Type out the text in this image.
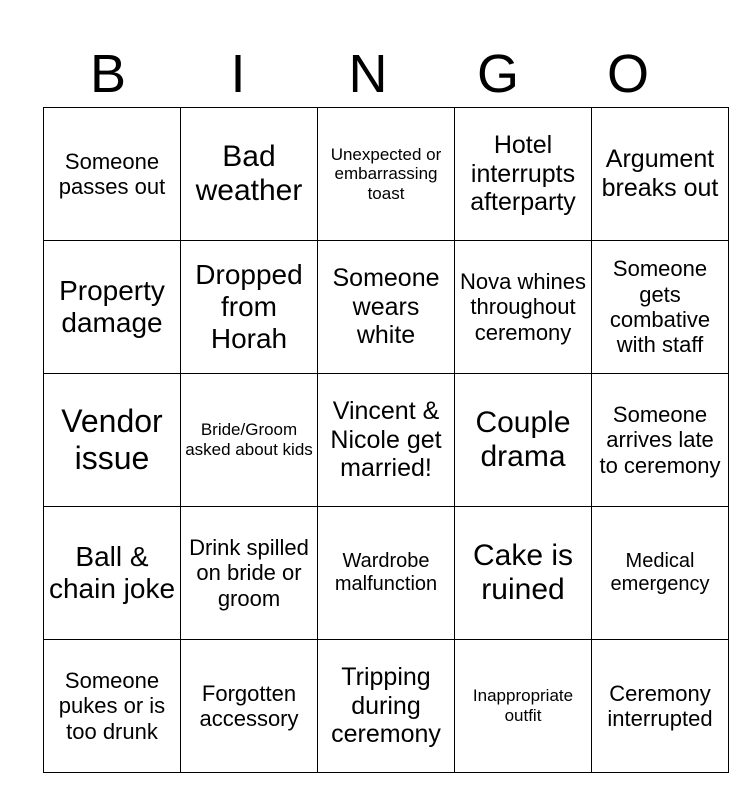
B	I	N	G	O
Someone passes out	Bad weather	Unexpected or embarrassing toast	Hotel interrupts afterparty	Argument breaks out
Property damage	Dropped from Horah	Someone wears white	Nova whines throughout ceremony	Someone gets combative with staff
Vendor issue	Bride/Groom asked about kids	Vincent & Nicole get married!	Couple drama	Someone arrives late to ceremony
Ball & chain joke	Drink spilled on bride or groom	Wardrobe malfunction	Cake is ruined	Medical emergency
Someone pukes or is too drunk	Forgotten accessory	Tripping during ceremony	Inappropriate outfit	Ceremony interrupted
